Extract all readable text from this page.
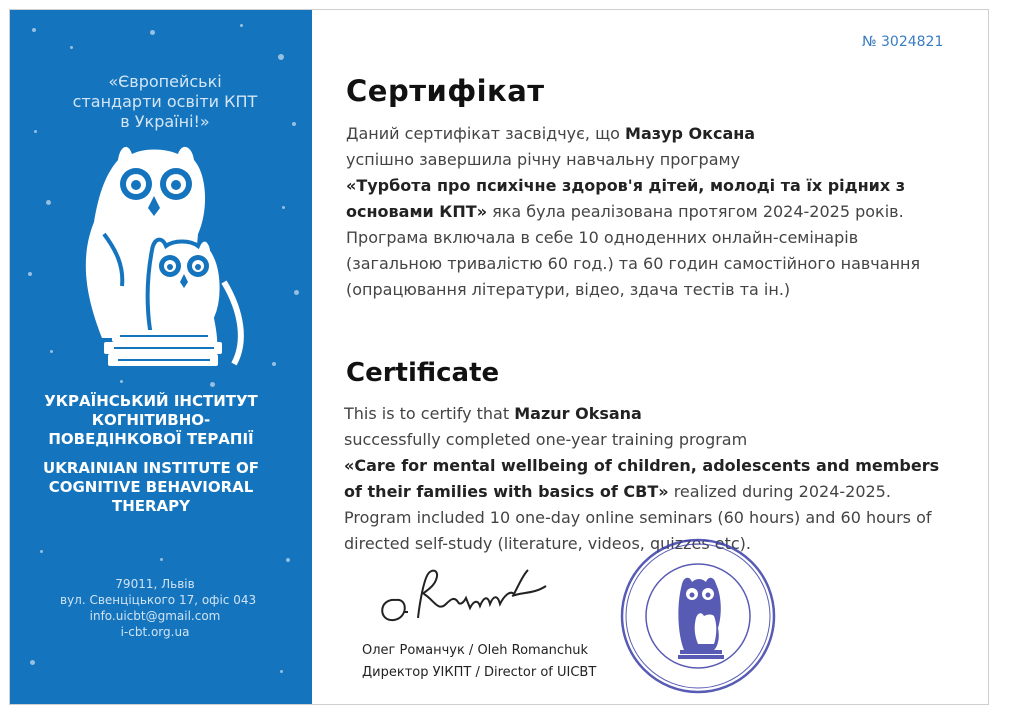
«Європейські
стандарти освіти КПТ
в Україні!»
УКРАЇНСЬКИЙ ІНСТИТУТ
КОГНІТИВНО-
ПОВЕДІНКОВОЇ ТЕРАПІЇ
UKRAINIAN INSTITUTE OF
COGNITIVE BEHAVIORAL
THERAPY
79011, Львів
вул. Свенціцького 17, офіс 043
info.uicbt@gmail.com
i-cbt.org.ua
№ 3024821
Сертифікат
Даний сертифікат засвідчує, що Мазур Оксана
успішно завершила річну навчальну програму
«Турбота про психічне здоров'я дітей, молоді та їх рідних з основами КПТ» яка була реалізована протягом 2024-2025 років. Програма включала в себе 10 одноденних онлайн-семінарів (загальною тривалістю 60 год.) та 60 годин самостійного навчання (опрацювання літератури, відео, здача тестів та ін.)
Certificate
This is to certify that Mazur Oksana
successfully completed one-year training program
«Care for mental wellbeing of children, adolescents and members of their families with basics of CBT» realized during 2024-2025. Program included 10 one-day online seminars (60 hours) and 60 hours of directed self-study (literature, videos, quizzes etc).
Олег Романчук / Oleh Romanchuk
Директор УІКПТ / Director of UICBT
